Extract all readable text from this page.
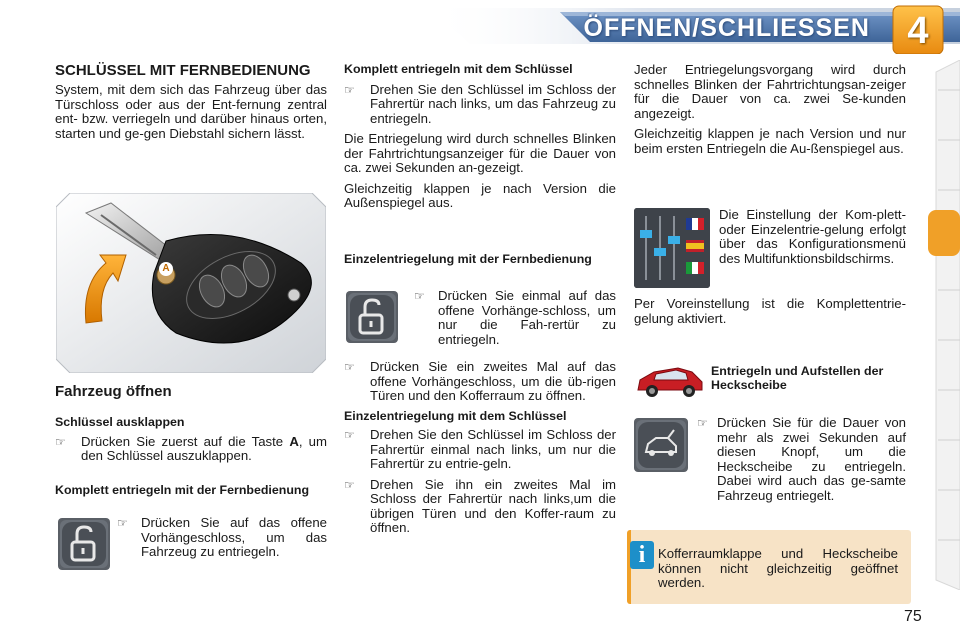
ÖFFNEN/SCHLIESSEN 4
SCHLÜSSEL MIT FERNBEDIENUNG

System, mit dem sich das Fahrzeug über das Türschloss oder aus der Ent-fernung zentral ent- bzw. verriegeln und darüber hinaus orten, starten und ge-gen Diebstahl sichern lässt.

A
Fahrzeug öffnen
Schlüssel ausklappen
☞ Drücken Sie zuerst auf die Taste A, um den Schlüssel auszuklappen.
Komplett entriegeln mit der Fernbedienung
☞ Drücken Sie auf das offene Vorhängeschloss, um das Fahrzeug zu entriegeln.
Komplett entriegeln mit dem Schlüssel
☞ Drehen Sie den Schlüssel im Schloss der Fahrertür nach links, um das Fahrzeug zu entriegeln.

Die Entriegelung wird durch schnelles Blinken der Fahrtrichtungsanzeiger für die Dauer von ca. zwei Sekunden an-gezeigt.

Gleichzeitig klappen je nach Version die Außenspiegel aus.

Einzelentriegelung mit der Fernbedienung
☞ Drücken Sie einmal auf das offene Vorhänge-schloss, um nur die Fah-rertür zu entriegeln.
☞ Drücken Sie ein zweites Mal auf das offene Vorhängeschloss, um die üb-rigen Türen und den Kofferraum zu öffnen.
Einzelentriegelung mit dem Schlüssel
☞ Drehen Sie den Schlüssel im Schloss der Fahrertür einmal nach links, um nur die Fahrertür zu entrie-geln.
☞ Drehen Sie ihn ein zweites Mal im Schloss der Fahrertür nach links,um die übrigen Türen und den Koffer-raum zu öffnen.

Jeder Entriegelungsvorgang wird durch schnelles Blinken der Fahrtrichtungsan-zeiger für die Dauer von ca. zwei Se-kunden angezeigt.

Gleichzeitig klappen je nach Version und nur beim ersten Entriegeln die Au-ßenspiegel aus.

Die Einstellung der Kom-plett- oder Einzelentrie-gelung erfolgt über das Konfigurationsmenü des Multifunktionsbildschirms.

Per Voreinstellung ist die Komplettentrie-gelung aktiviert.

Entriegeln und Aufstellen der Heckscheibe
☞ Drücken Sie für die Dauer von mehr als zwei Sekunden auf diesen Knopf, um die Heckscheibe zu entriegeln. Dabei wird auch das ge-samte Fahrzeug entriegelt.
i Kofferraumklappe und Heckscheibe können nicht gleichzeitig geöffnet werden.
75
